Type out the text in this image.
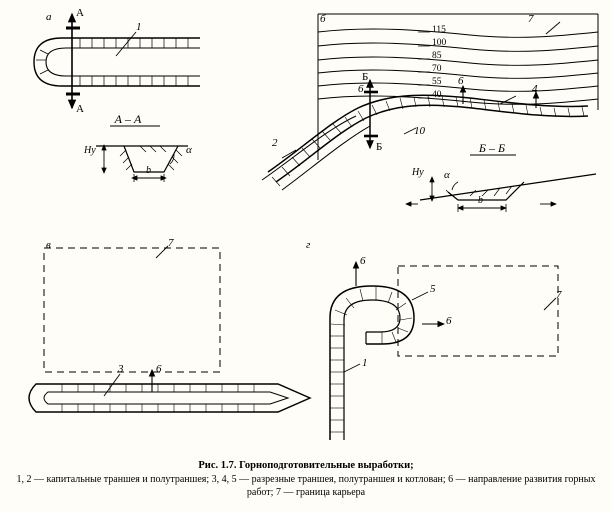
А – А
Б – Б
а	б
в	г
А
А
1
Hу
b
α
115
100
85
70
55
40
7
6
6
4
2
10
Б
Б
Hу α
b
7
3	6
6
5
6
1
7
Рис. 1.7. Горноподготовительные выработки;
1, 2 — капитальные траншея и полутраншея; 3, 4, 5 — разрезные траншея, полутраншея и котлован; 6 — направление развития горных работ; 7 — граница карьера
